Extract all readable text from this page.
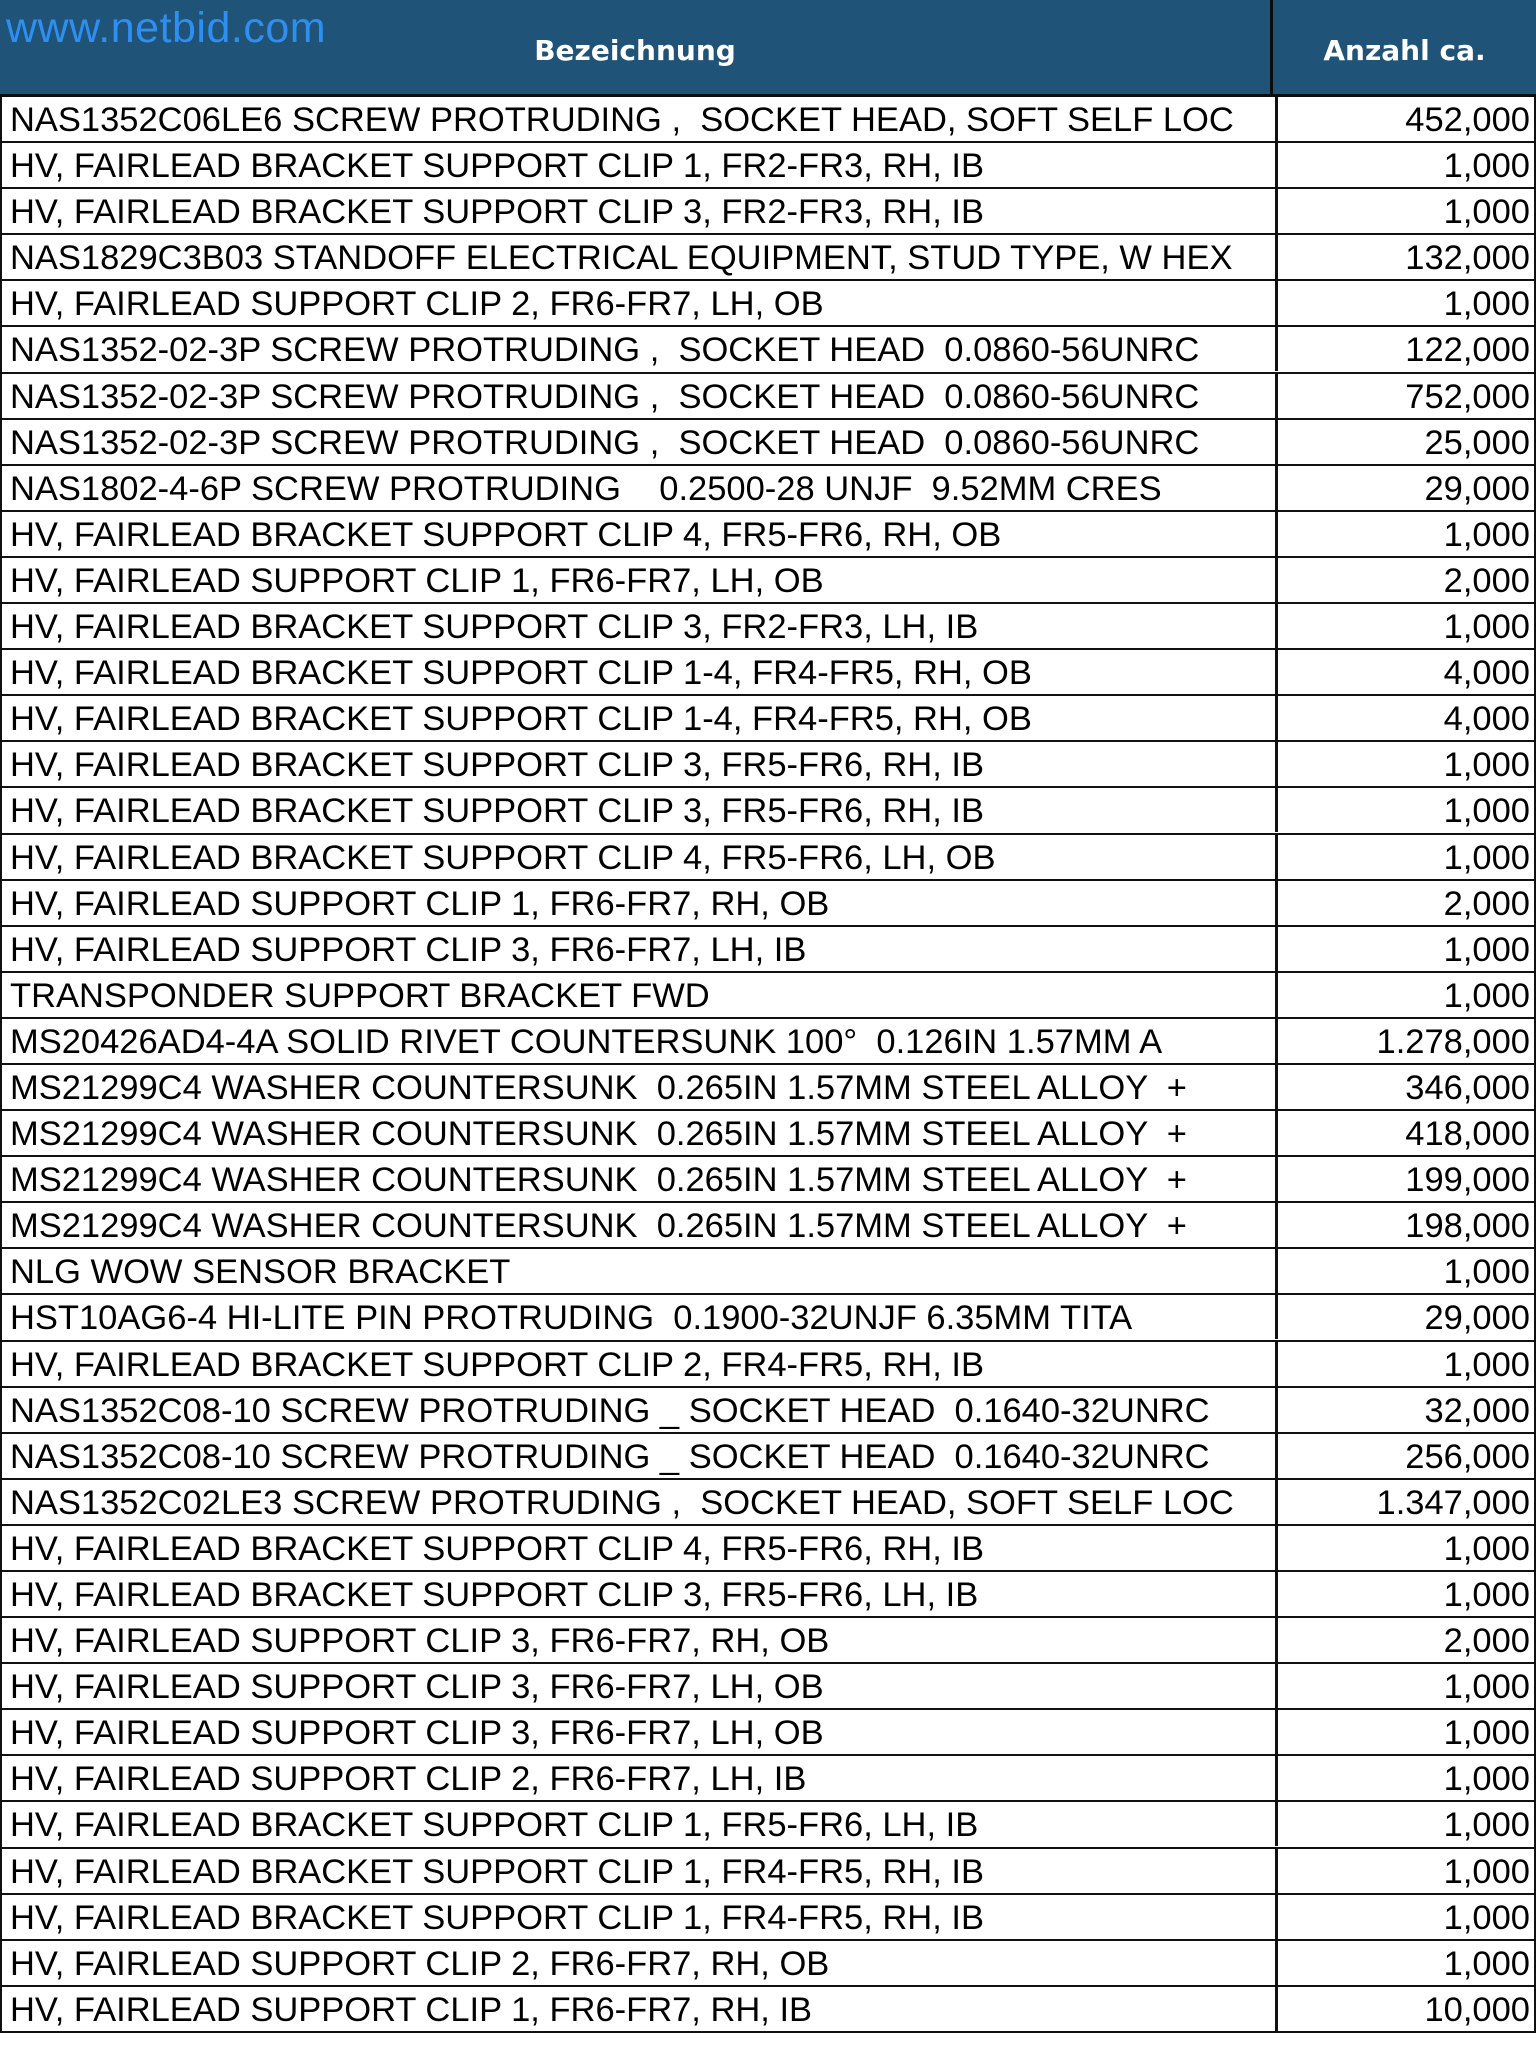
Bezeichnung	Anzahl ca.
www.netbid.com
NAS1352C06LE6 SCREW PROTRUDING ,  SOCKET HEAD, SOFT SELF LOC	452,000
HV, FAIRLEAD BRACKET SUPPORT CLIP 1, FR2-FR3, RH, IB	1,000
HV, FAIRLEAD BRACKET SUPPORT CLIP 3, FR2-FR3, RH, IB	1,000
NAS1829C3B03 STANDOFF ELECTRICAL EQUIPMENT, STUD TYPE, W HEX	132,000
HV, FAIRLEAD SUPPORT CLIP 2, FR6-FR7, LH, OB	1,000
NAS1352-02-3P SCREW PROTRUDING ,  SOCKET HEAD  0.0860-56UNRC	122,000
NAS1352-02-3P SCREW PROTRUDING ,  SOCKET HEAD  0.0860-56UNRC	752,000
NAS1352-02-3P SCREW PROTRUDING ,  SOCKET HEAD  0.0860-56UNRC	25,000
NAS1802-4-6P SCREW PROTRUDING    0.2500-28 UNJF  9.52MM CRES	29,000
HV, FAIRLEAD BRACKET SUPPORT CLIP 4, FR5-FR6, RH, OB	1,000
HV, FAIRLEAD SUPPORT CLIP 1, FR6-FR7, LH, OB	2,000
HV, FAIRLEAD BRACKET SUPPORT CLIP 3, FR2-FR3, LH, IB	1,000
HV, FAIRLEAD BRACKET SUPPORT CLIP 1-4, FR4-FR5, RH, OB	4,000
HV, FAIRLEAD BRACKET SUPPORT CLIP 1-4, FR4-FR5, RH, OB	4,000
HV, FAIRLEAD BRACKET SUPPORT CLIP 3, FR5-FR6, RH, IB	1,000
HV, FAIRLEAD BRACKET SUPPORT CLIP 3, FR5-FR6, RH, IB	1,000
HV, FAIRLEAD BRACKET SUPPORT CLIP 4, FR5-FR6, LH, OB	1,000
HV, FAIRLEAD SUPPORT CLIP 1, FR6-FR7, RH, OB	2,000
HV, FAIRLEAD SUPPORT CLIP 3, FR6-FR7, LH, IB	1,000
TRANSPONDER SUPPORT BRACKET FWD	1,000
MS20426AD4-4A SOLID RIVET COUNTERSUNK 100°  0.126IN 1.57MM A	1.278,000
MS21299C4 WASHER COUNTERSUNK  0.265IN 1.57MM STEEL ALLOY  +	346,000
MS21299C4 WASHER COUNTERSUNK  0.265IN 1.57MM STEEL ALLOY  +	418,000
MS21299C4 WASHER COUNTERSUNK  0.265IN 1.57MM STEEL ALLOY  +	199,000
MS21299C4 WASHER COUNTERSUNK  0.265IN 1.57MM STEEL ALLOY  +	198,000
NLG WOW SENSOR BRACKET	1,000
HST10AG6-4 HI-LITE PIN PROTRUDING  0.1900-32UNJF 6.35MM TITA	29,000
HV, FAIRLEAD BRACKET SUPPORT CLIP 2, FR4-FR5, RH, IB	1,000
NAS1352C08-10 SCREW PROTRUDING _ SOCKET HEAD  0.1640-32UNRC	32,000
NAS1352C08-10 SCREW PROTRUDING _ SOCKET HEAD  0.1640-32UNRC	256,000
NAS1352C02LE3 SCREW PROTRUDING ,  SOCKET HEAD, SOFT SELF LOC	1.347,000
HV, FAIRLEAD BRACKET SUPPORT CLIP 4, FR5-FR6, RH, IB	1,000
HV, FAIRLEAD BRACKET SUPPORT CLIP 3, FR5-FR6, LH, IB	1,000
HV, FAIRLEAD SUPPORT CLIP 3, FR6-FR7, RH, OB	2,000
HV, FAIRLEAD SUPPORT CLIP 3, FR6-FR7, LH, OB	1,000
HV, FAIRLEAD SUPPORT CLIP 3, FR6-FR7, LH, OB	1,000
HV, FAIRLEAD SUPPORT CLIP 2, FR6-FR7, LH, IB	1,000
HV, FAIRLEAD BRACKET SUPPORT CLIP 1, FR5-FR6, LH, IB	1,000
HV, FAIRLEAD BRACKET SUPPORT CLIP 1, FR4-FR5, RH, IB	1,000
HV, FAIRLEAD BRACKET SUPPORT CLIP 1, FR4-FR5, RH, IB	1,000
HV, FAIRLEAD SUPPORT CLIP 2, FR6-FR7, RH, OB	1,000
HV, FAIRLEAD SUPPORT CLIP 1, FR6-FR7, RH, IB	10,000
